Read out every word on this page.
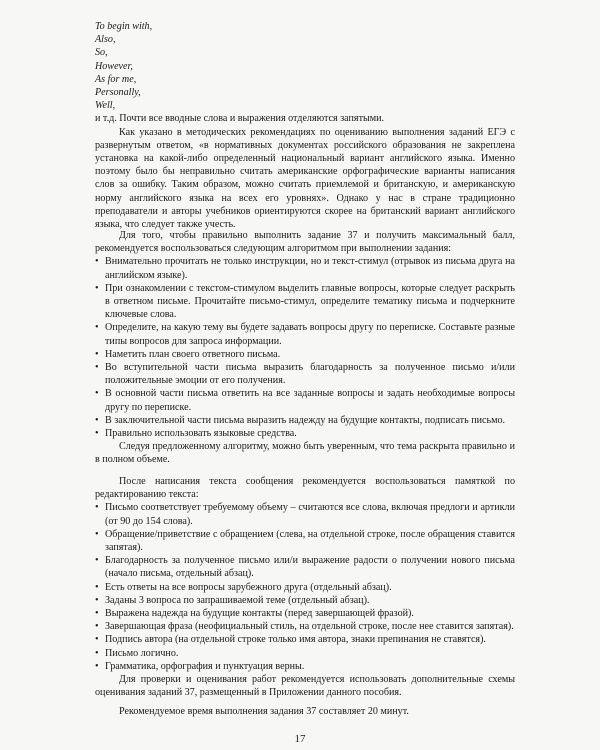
To begin with,
Also,
So,
However,
As for me,
Personally,
Well,
и т.д. Почти все вводные слова и выражения отделяются запятыми.
Как указано в методических рекомендациях по оцениванию выполнения заданий ЕГЭ с развернутым ответом, «в нормативных документах российского образования не закреплена установка на какой-либо определенный национальный вариант английского языка. Именно поэтому было бы неправильно считать американские орфографические варианты написания слов за ошибку. Таким образом, можно считать приемлемой и британскую, и американскую норму английского языка на всех его уровнях». Однако у нас в стране традиционно преподаватели и авторы учебников ориентируются скорее на британский вариант английского языка, что следует также учесть.
Для того, чтобы правильно выполнить задание 37 и получить максимальный балл, рекомендуется воспользоваться следующим алгоритмом при выполнении задания:
• Внимательно прочитать не только инструкции, но и текст-стимул (отрывок из письма друга на английском языке).
• При ознакомлении с текстом-стимулом выделить главные вопросы, которые следует раскрыть в ответном письме. Прочитайте письмо-стимул, определите тематику письма и подчеркните ключевые слова.
• Определите, на какую тему вы будете задавать вопросы другу по переписке. Составьте разные типы вопросов для запроса информации.
• Наметить план своего ответного письма.
• Во вступительной части письма выразить благодарность за полученное письмо и/или положительные эмоции от его получения.
• В основной части письма ответить на все заданные вопросы и задать необходимые вопросы другу по переписке.
• В заключительной части письма выразить надежду на будущие контакты, подписать письмо.
• Правильно использовать языковые средства.
Следуя предложенному алгоритму, можно быть уверенным, что тема раскрыта правильно и в полном объеме.
После написания текста сообщения рекомендуется воспользоваться памяткой по редактированию текста:
• Письмо соответствует требуемому объему – считаются все слова, включая предлоги и артикли (от 90 до 154 слова).
• Обращение/приветствие с обращением (слева, на отдельной строке, после обращения ставится запятая).
• Благодарность за полученное письмо или/и выражение радости о получении нового письма (начало письма, отдельный абзац).
• Есть ответы на все вопросы зарубежного друга (отдельный абзац).
• Заданы 3 вопроса по запрашиваемой теме (отдельный абзац).
• Выражена надежда на будущие контакты (перед завершающей фразой).
• Завершающая фраза (неофициальный стиль, на отдельной строке, после нее ставится запятая).
• Подпись автора (на отдельной строке только имя автора, знаки препинания не ставятся).
• Письмо логично.
• Грамматика, орфография и пунктуация верны.
Для проверки и оценивания работ рекомендуется использовать дополнительные схемы оценивания заданий 37, размещенный в Приложении данного пособия.
Рекомендуемое время выполнения задания 37 составляет 20 минут.
17
